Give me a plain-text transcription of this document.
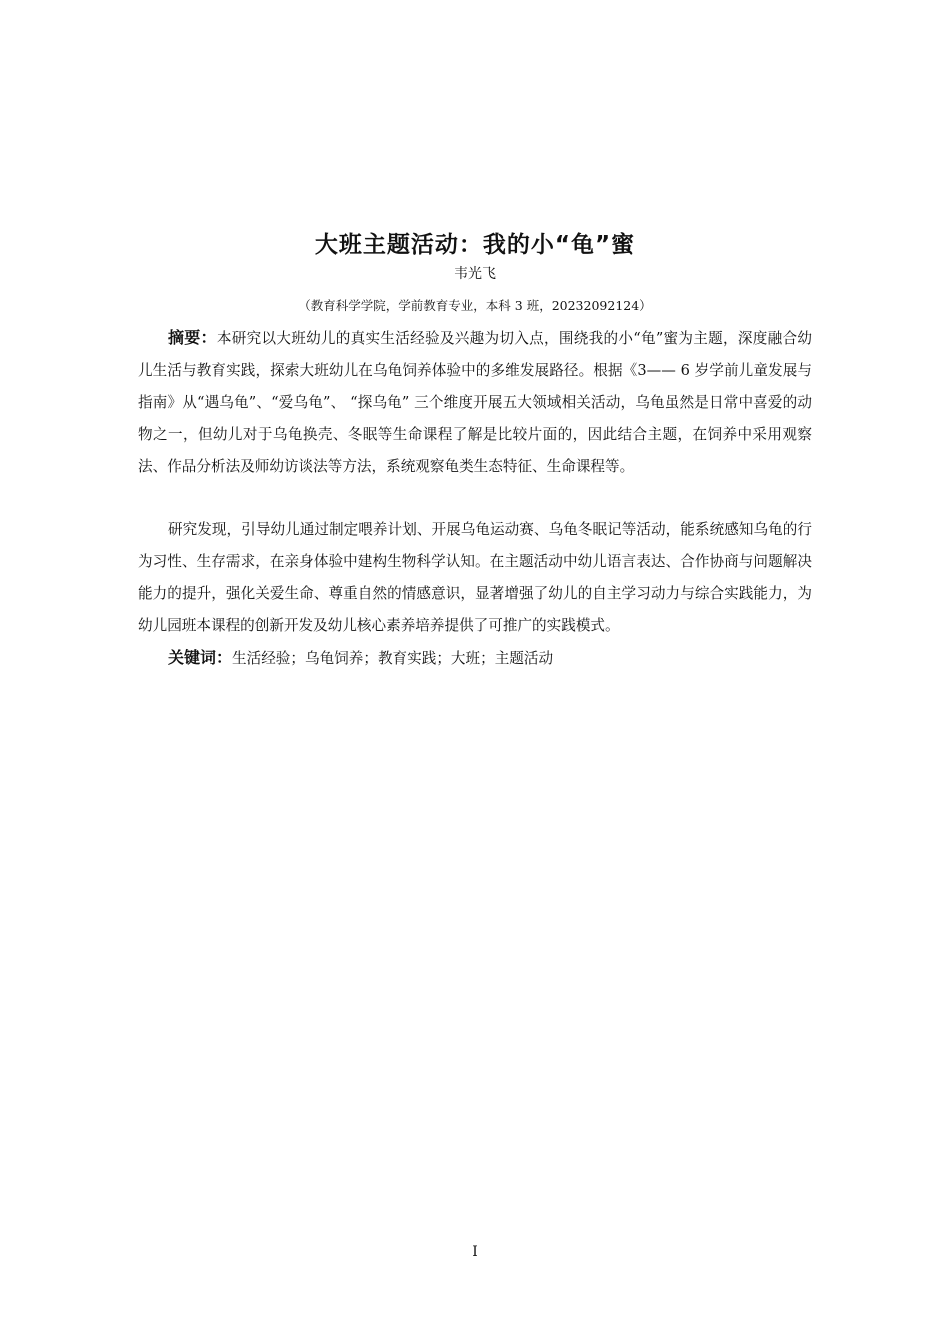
大班主题活动：我的小“龟”蜜
韦光飞
（教育科学学院，学前教育专业，本科 3 班，20232092124）

摘要：本研究以大班幼儿的真实生活经验及兴趣为切入点，围绕我的小“龟”蜜为主题，深度融合幼儿生活与教育实践，探索大班幼儿在乌龟饲养体验中的多维发展路径。根据《3—— 6 岁学前儿童发展与指南》从“遇乌龟”、“爱乌龟”、 “探乌龟” 三个维度开展五大领域相关活动，乌龟虽然是日常中喜爱的动物之一，但幼儿对于乌龟换壳、冬眠等生命课程了解是比较片面的，因此结合主题，在饲养中采用观察法、作品分析法及师幼访谈法等方法，系统观察龟类生态特征、生命课程等。

研究发现，引导幼儿通过制定喂养计划、开展乌龟运动赛、乌龟冬眠记等活动，能系统感知乌龟的行为习性、生存需求，在亲身体验中建构生物科学认知。在主题活动中幼儿语言表达、合作协商与问题解决能力的提升，强化关爱生命、尊重自然的情感意识，显著增强了幼儿的自主学习动力与综合实践能力，为幼儿园班本课程的创新开发及幼儿核心素养培养提供了可推广的实践模式。

关键词：生活经验；乌龟饲养；教育实践；大班；主题活动

I
